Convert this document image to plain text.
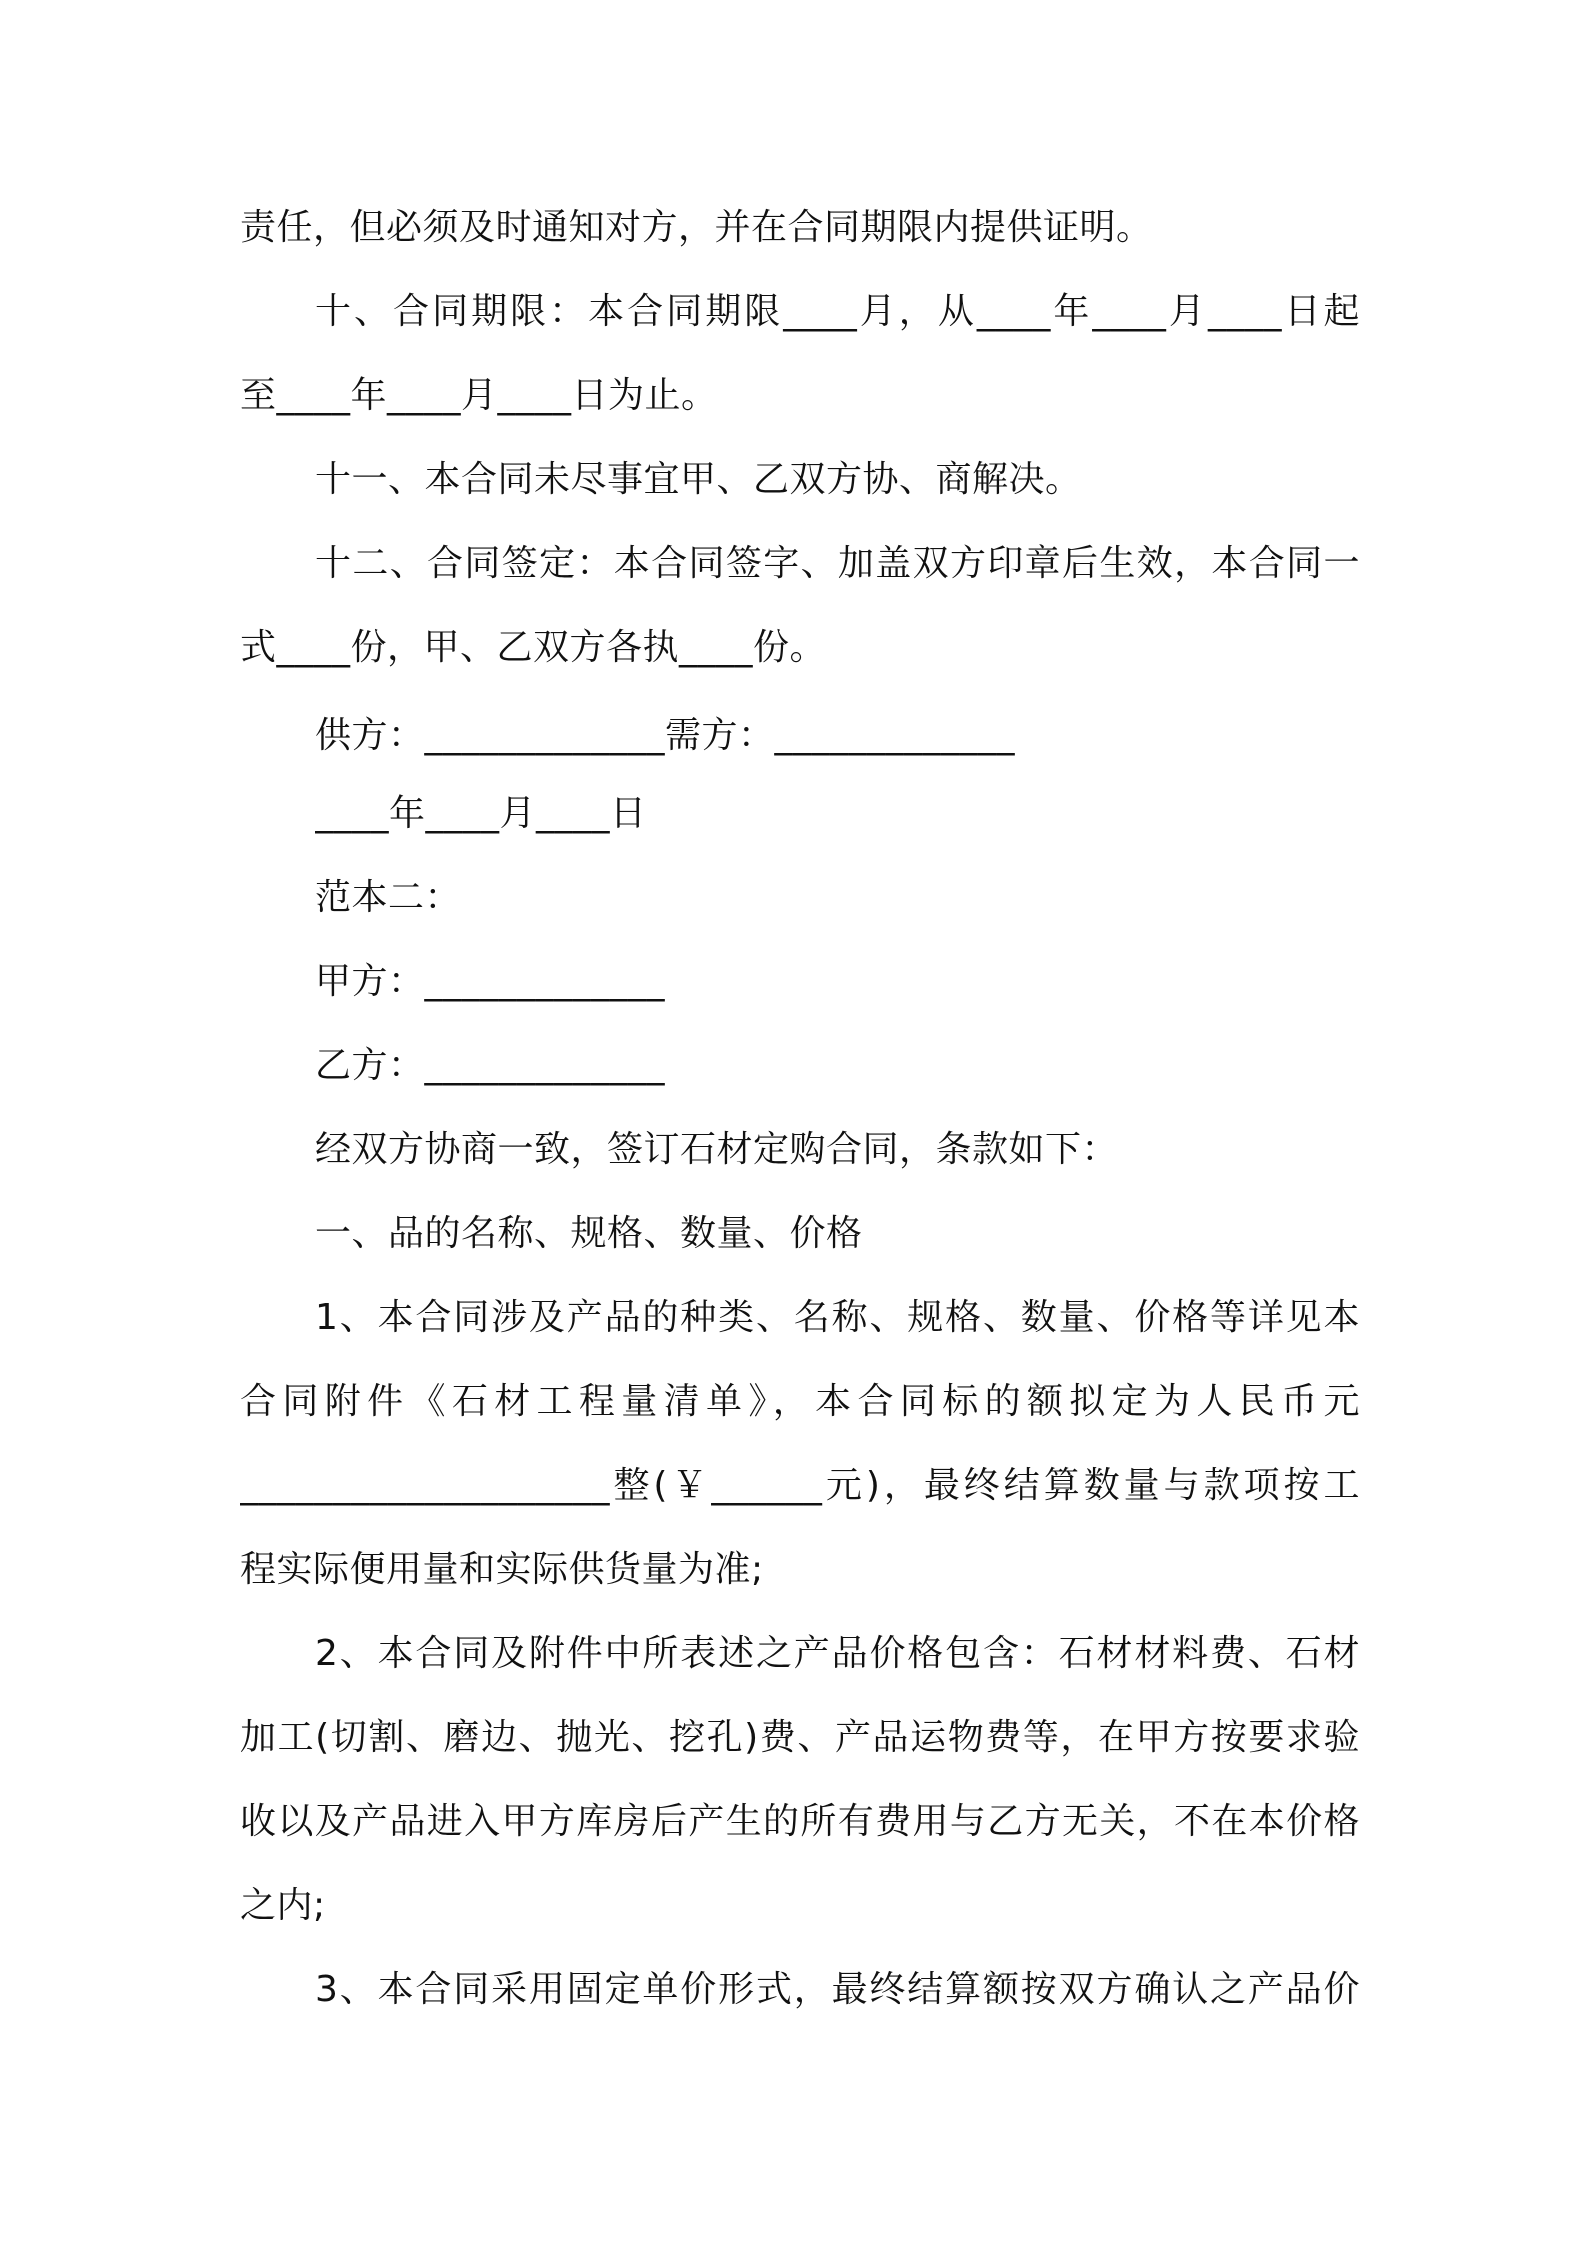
责任，但必须及时通知对方，并在合同期限内提供证明。
十、合同期限：本合同期限____月，从____年____月____日起
至____年____月____日为止。
十一、本合同未尽事宜甲、乙双方协、商解决。
十二、合同签定：本合同签字、加盖双方印章后生效，本合同一
式____份，甲、乙双方各执____份。
供方：_____________需方：_____________
____年____月____日
范本二：
甲方：_____________
乙方：_____________
经双方协商一致，签订石材定购合同，条款如下：
一、品的名称、规格、数量、价格
1、本合同涉及产品的种类、名称、规格、数量、价格等详见本
合同附件《石材工程量清单》，本合同标的额拟定为人民币元
____________________整(￥______元)，最终结算数量与款项按工
程实际便用量和实际供货量为准;
2、本合同及附件中所表述之产品价格包含：石材材料费、石材
加工(切割、磨边、抛光、挖孔)费、产品运物费等，在甲方按要求验
收以及产品进入甲方库房后产生的所有费用与乙方无关，不在本价格
之内;
3、本合同采用固定单价形式，最终结算额按双方确认之产品价
